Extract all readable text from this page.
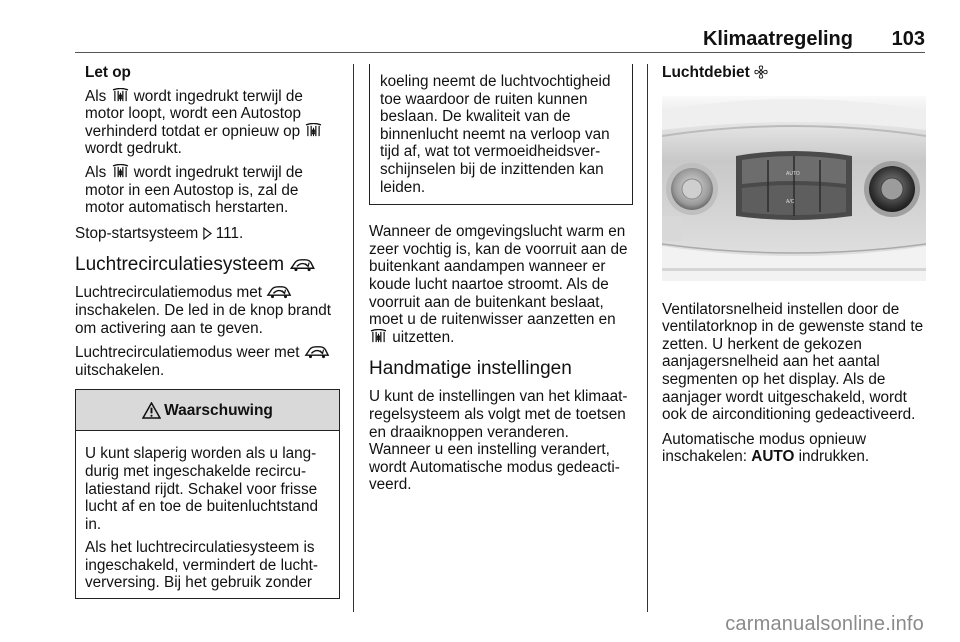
Klimaatregeling 103

Let op

Als wordt ingedrukt terwijl de motor loopt, wordt een Autostop verhinderd totdat er opnieuw op  wordt gedrukt.

Als wordt ingedrukt terwijl de motor in een Autostop is, zal de motor automatisch herstarten.

Stop-startsysteem 111.

Luchtrecirculatiesysteem

Luchtrecirculatiemodus met  inschakelen. De led in de knop brandt om activering aan te geven.

Luchtrecirculatiemodus weer met  uitschakelen.

Waarschuwing

U kunt slaperig worden als u lang-durig met ingeschakelde recircu-latiestand rijdt. Schakel voor frisse lucht af en toe de buitenluchtstand in.

Als het luchtrecirculatiesysteem is ingeschakeld, vermindert de lucht-verversing. Bij het gebruik zonder

koeling neemt de luchtvochtigheid toe waardoor de ruiten kunnen beslaan. De kwaliteit van de binnenlucht neemt na verloop van tijd af, wat tot vermoeidheidsver-schijnselen bij de inzittenden kan leiden.

Wanneer de omgevingslucht warm en zeer vochtig is, kan de voorruit aan de buitenkant aandampen wanneer er koude lucht naartoe stroomt. Als de voorruit aan de buitenkant beslaat, moet u de ruitenwisser aanzetten en  uitzetten.

Handmatige instellingen

U kunt de instellingen van het klimaat-regelsysteem als volgt met de toetsen en draaiknoppen veranderen. Wanneer u een instelling verandert, wordt Automatische modus gedeacti-veerd.

Luchtdebiet

AUTO
A/C

Ventilatorsnelheid instellen door de ventilatorknop in de gewenste stand te zetten. U herkent de gekozen aanjagersnelheid aan het aantal segmenten op het display. Als de aanjager wordt uitgeschakeld, wordt ook de airconditioning gedeactiveerd.

Automatische modus opnieuw inschakelen: AUTO indrukken.

carmanualsonline.info
